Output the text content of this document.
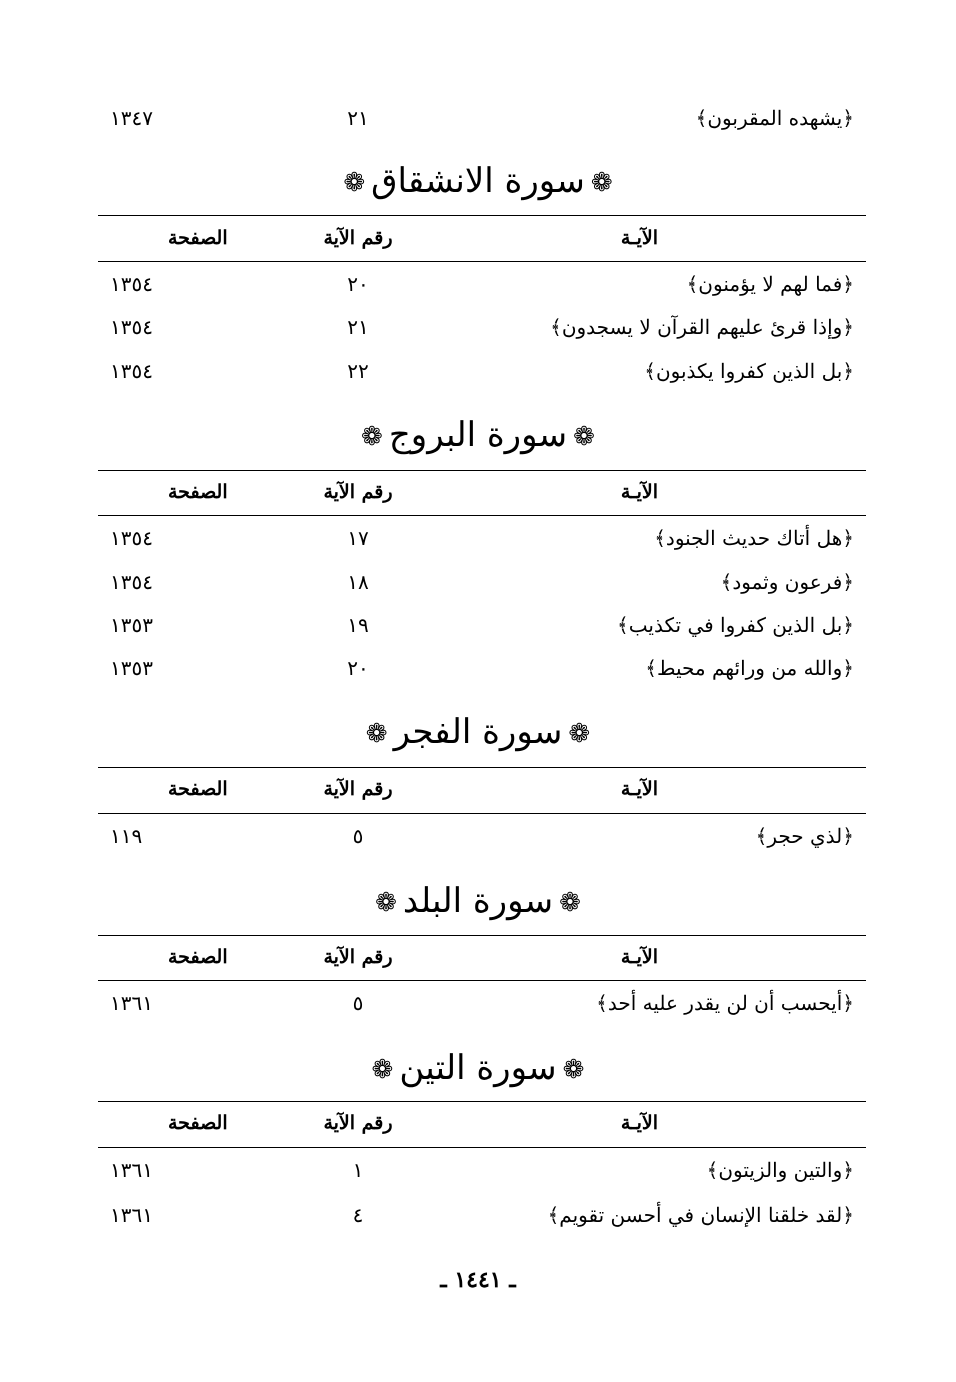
١٣٤٧	٢١	﴿يشهده المقربون﴾
❁سورة الانشقاق❁
الصفحة	رقم الآية	الآيـة
١٣٥٤	٢٠	﴿فما لهم لا يؤمنون﴾
١٣٥٤	٢١	﴿وإذا قرئ عليهم القرآن لا يسجدون﴾
١٣٥٤	٢٢	﴿بل الذين كفروا يكذبون﴾
❁سورة البروج❁
الصفحة	رقم الآية	الآيـة
١٣٥٤	١٧	﴿هل أتاك حديث الجنود﴾
١٣٥٤	١٨	﴿فرعون وثمود﴾
١٣٥٣	١٩	﴿بل الذين كفروا في تكذيب﴾
١٣٥٣	٢٠	﴿والله من ورائهم محيط﴾
❁سورة الفجر❁
الصفحة	رقم الآية	الآيـة
١١٩	٥	﴿لذي حجر﴾
❁سورة البلد❁
الصفحة	رقم الآية	الآيـة
١٣٦١	٥	﴿أيحسب أن لن يقدر عليه أحد﴾
❁سورة التين❁
الصفحة	رقم الآية	الآيـة
١٣٦١	١	﴿والتين والزيتون﴾
١٣٦١	٤	﴿لقد خلقنا الإنسان في أحسن تقويم﴾
ـ ١٤٤١ ـ
